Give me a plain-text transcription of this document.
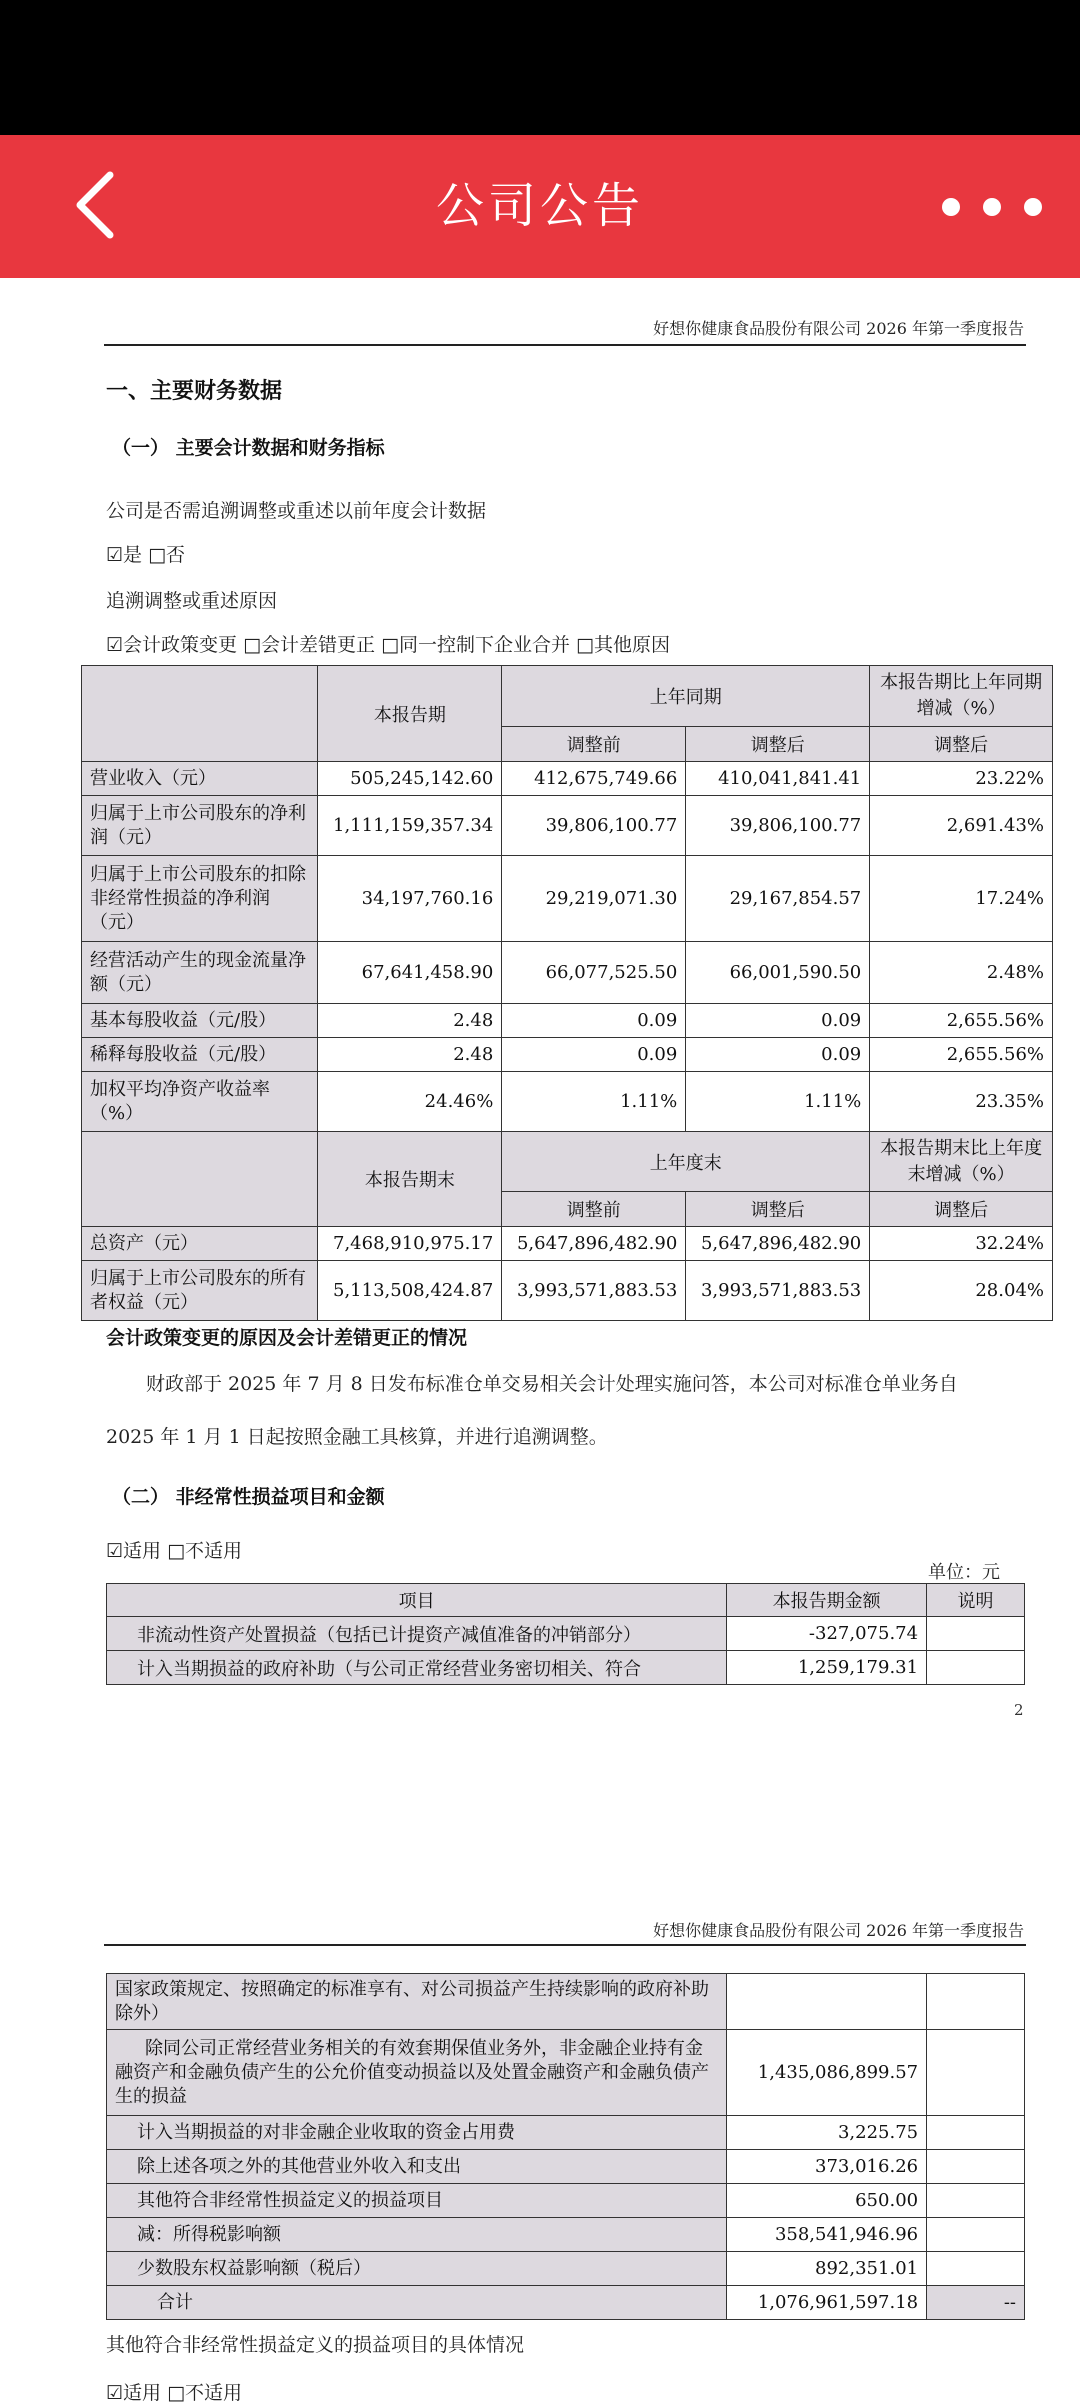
公司公告
好想你健康食品股份有限公司 2026 年第一季度报告
一、主要财务数据
（一） 主要会计数据和财务指标
公司是否需追溯调整或重述以前年度会计数据
☑是 □否
追溯调整或重述原因
☑会计政策变更 □会计差错更正 □同一控制下企业合并 □其他原因
	本报告期	上年同期		本报告期比上年同期增减（%）
		调整前	调整后	调整后
营业收入（元）	505,245,142.60	412,675,749.66	410,041,841.41	23.22%
归属于上市公司股东的净利润（元）	1,111,159,357.34	39,806,100.77	39,806,100.77	2,691.43%
归属于上市公司股东的扣除非经常性损益的净利润（元）	34,197,760.16	29,219,071.30	29,167,854.57	17.24%
经营活动产生的现金流量净额（元）	67,641,458.90	66,077,525.50	66,001,590.50	2.48%
基本每股收益（元/股）	2.48	0.09	0.09	2,655.56%
稀释每股收益（元/股）	2.48	0.09	0.09	2,655.56%
加权平均净资产收益率（%）	24.46%	1.11%	1.11%	23.35%
	本报告期末	上年度末		本报告期末比上年度末增减（%）
		调整前	调整后	调整后
总资产（元）	7,468,910,975.17	5,647,896,482.90	5,647,896,482.90	32.24%
归属于上市公司股东的所有者权益（元）	5,113,508,424.87	3,993,571,883.53	3,993,571,883.53	28.04%
会计政策变更的原因及会计差错更正的情况
财政部于 2025 年 7 月 8 日发布标准仓单交易相关会计处理实施问答，本公司对标准仓单业务自 2025 年 1 月 1 日起按照金融工具核算，并进行追溯调整。
（二） 非经常性损益项目和金额
☑适用 □不适用
单位：元
项目	本报告期金额	说明
非流动性资产处置损益（包括已计提资产减值准备的冲销部分）	-327,075.74	
计入当期损益的政府补助（与公司正常经营业务密切相关、符合	1,259,179.31	
2
好想你健康食品股份有限公司 2026 年第一季度报告
国家政策规定、按照确定的标准享有、对公司损益产生持续影响的政府补助除外）		
除同公司正常经营业务相关的有效套期保值业务外，非金融企业持有金融资产和金融负债产生的公允价值变动损益以及处置金融资产和金融负债产生的损益	1,435,086,899.57	
计入当期损益的对非金融企业收取的资金占用费	3,225.75	
除上述各项之外的其他营业外收入和支出	373,016.26	
其他符合非经常性损益定义的损益项目	650.00	
减：所得税影响额	358,541,946.96	
少数股东权益影响额（税后）	892,351.01	
合计	1,076,961,597.18	--
其他符合非经常性损益定义的损益项目的具体情况
☑适用 □不适用
